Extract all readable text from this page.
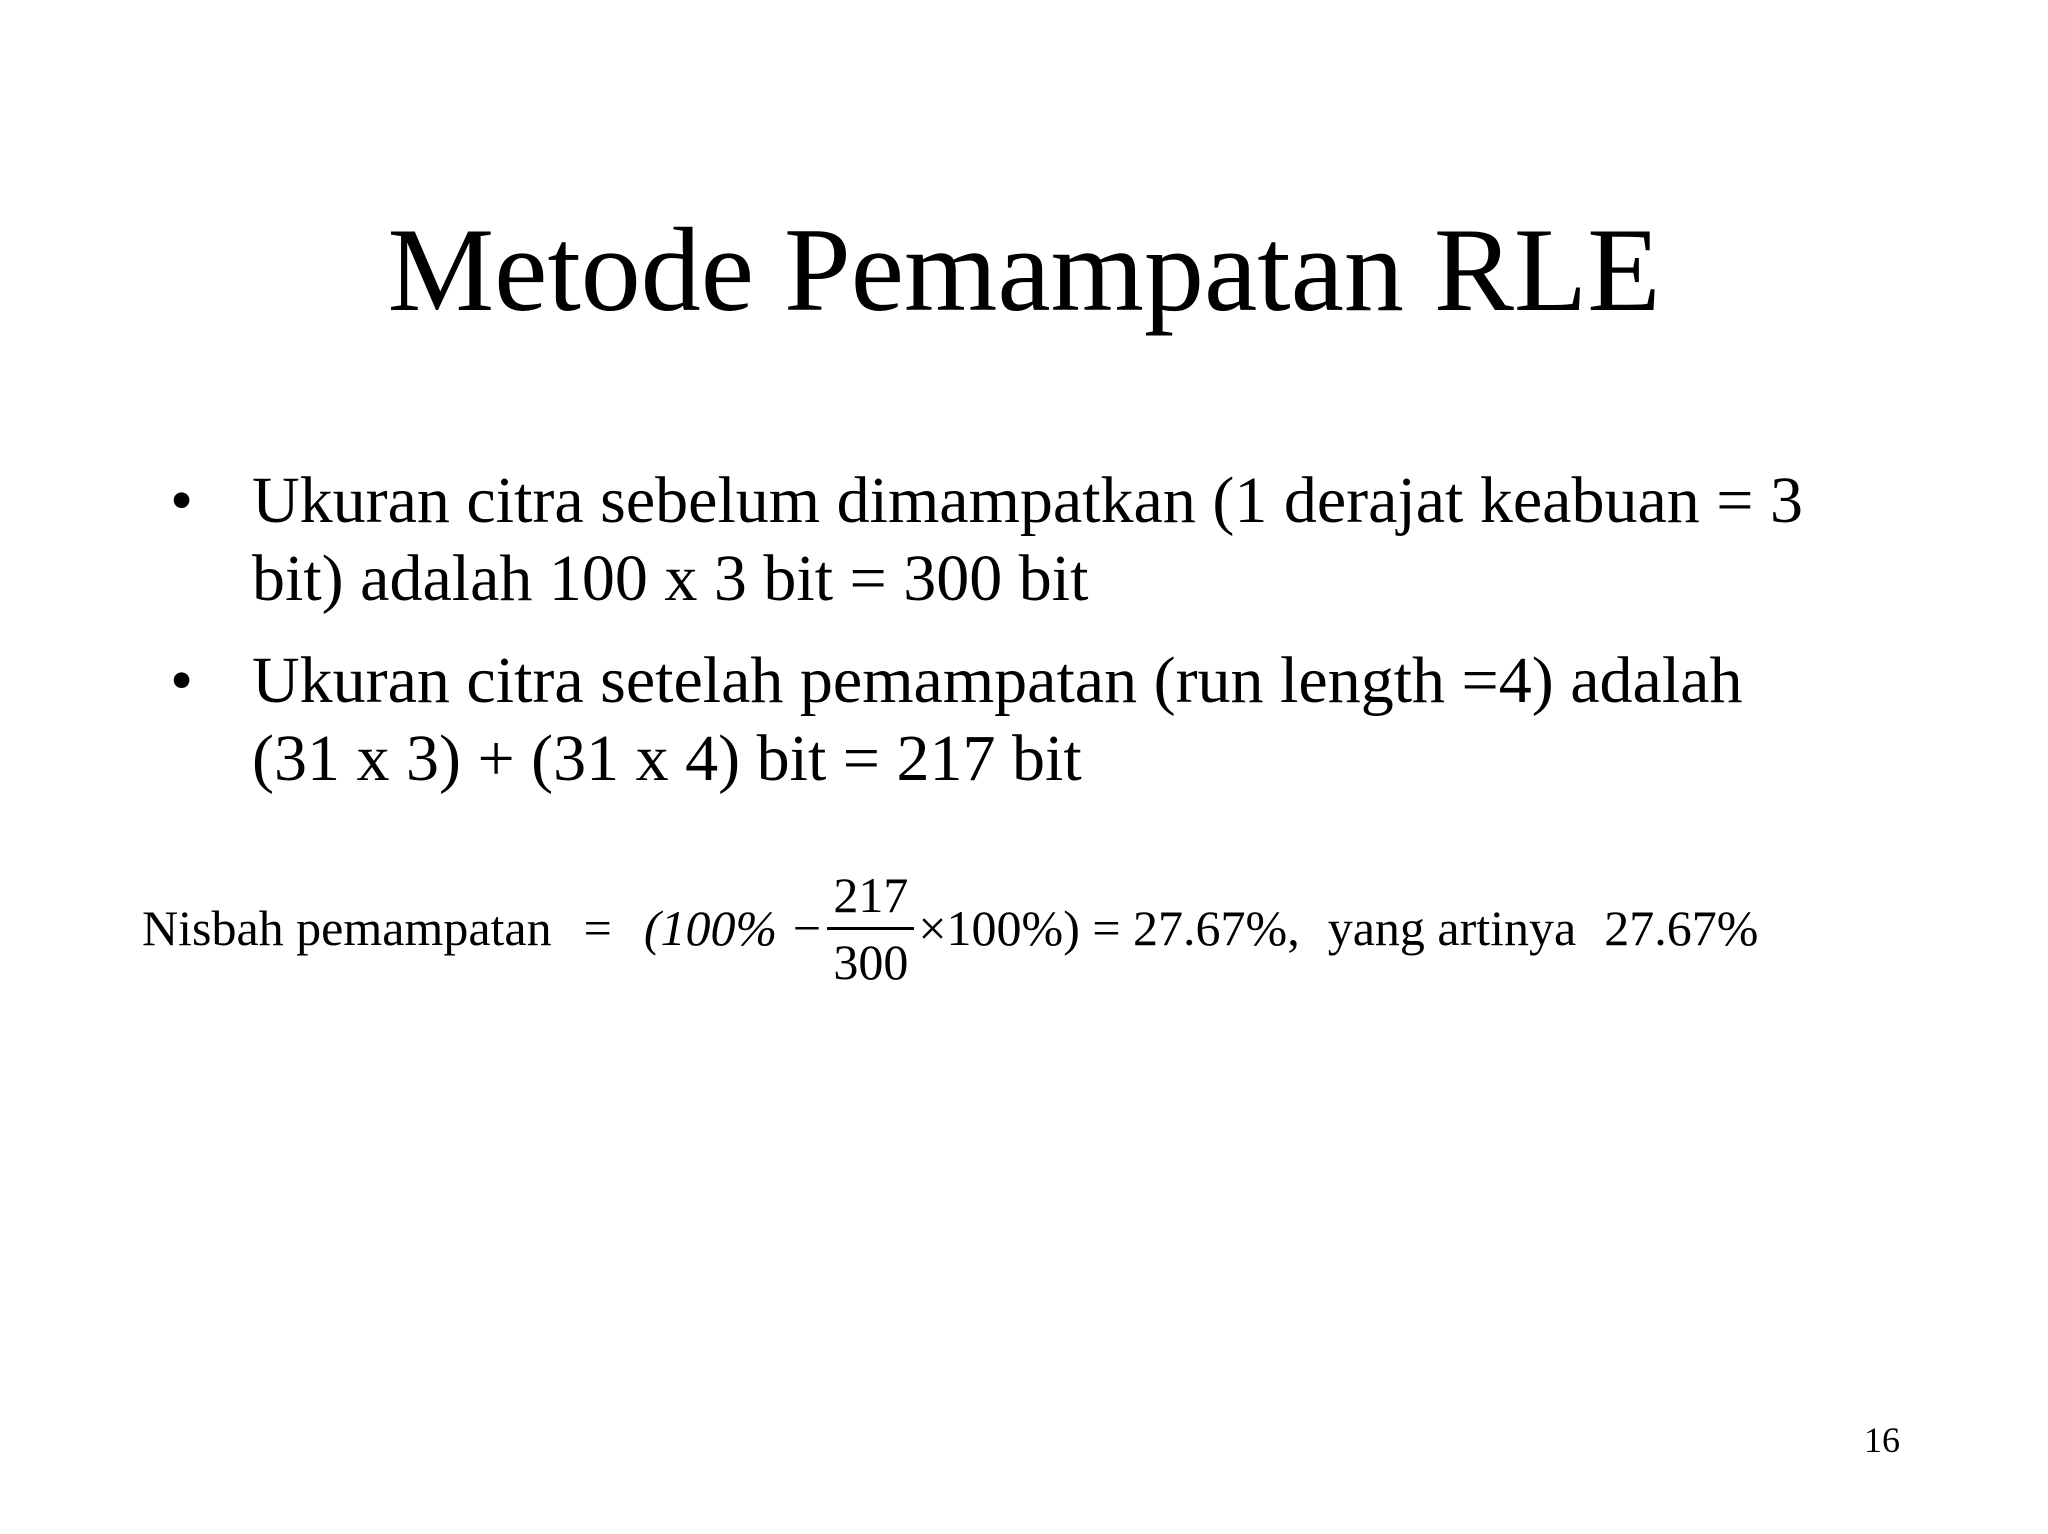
Metode Pemampatan RLE
• Ukuran citra sebelum dimampatkan (1 derajat keabuan = 3
bit) adalah 100 x 3 bit = 300 bit
• Ukuran citra setelah pemampatan (run length =4) adalah
(31 x 3) + (31 x 4) bit = 217 bit
Nisbah pemampatan = $(100\% - \frac{217}{300} \times 100\%) = 27.67\%$ , yang artinya 27.67%
16
